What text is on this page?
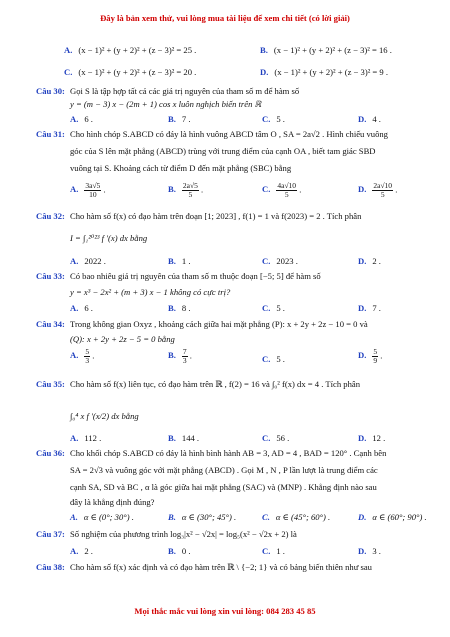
Đây là bản xem thử, vui lòng mua tài liệu để xem chi tiết (có lời giải)
A. (x − 1)² + (y + 2)² + (z − 3)² = 25 .	B. (x − 1)² + (y + 2)² + (z − 3)² = 16 .
C. (x − 1)² + (y + 2)² + (z − 3)² = 20 .	D. (x − 1)² + (y + 2)² + (z − 3)² = 9 .
Câu 30: Gọi S là tập hợp tất cả các giá trị nguyên của tham số m để hàm số
y = (m − 3) x − (2m + 1) cos x luôn nghịch biến trên ℝ
A. 6 .	B. 7 .	C. 5 .	D. 4 .
Câu 31: Cho hình chóp S.ABCD có đáy là hình vuông ABCD tâm O , SA = 2a√2 . Hình chiếu vuông
góc của S lên mặt phẳng (ABCD) trùng với trung điểm của cạnh OA , biết tam giác SBD
vuông tại S. Khoảng cách từ điểm D đến mặt phẳng (SBC) bằng
A. $\frac{3a√5}{10}$ .	B. $\frac{2a√5}{5}$ .	C. $\frac{4a√10}{5}$ .	D. $\frac{2a√10}{5}$ .
Câu 32: Cho hàm số f(x) có đạo hàm trên đoạn [1; 2023] , f(1) = 1 và f(2023) = 2 . Tích phân
I = ∫₁²⁰²³ f ′(x) dx bằng
A. 2022 .	B. 1 .	C. 2023 .	D. 2 .
Câu 33: Có bao nhiêu giá trị nguyên của tham số m thuộc đoạn [−5; 5] để hàm số
y = x³ − 2x² + (m + 3) x − 1 không có cực trị?
A. 6 .	B. 8 .	C. 5 .	D. 7 .
Câu 34: Trong không gian Oxyz , khoảng cách giữa hai mặt phẳng (P): x + 2y + 2z − 10 = 0 và
(Q): x + 2y + 2z − 5 = 0 bằng
A. $\frac{5}{3}$ .	B. $\frac{7}{3}$ .	C. 5 .	D. $\frac{5}{9}$ .
Câu 35: Cho hàm số f(x) liên tục, có đạo hàm trên ℝ , f(2) = 16 và ∫₀² f(x) dx = 4 . Tích phân
∫₀⁴ x f ′(x/2) dx bằng
A. 112 .	B. 144 .	C. 56 .	D. 12 .
Câu 36: Cho khối chóp S.ABCD có đáy là hình bình hành AB = 3, AD = 4 , BAD = 120° . Cạnh bên
SA = 2√3 và vuông góc với mặt phẳng (ABCD) . Gọi M , N , P lần lượt là trung điểm các
cạnh SA, SD và BC , α là góc giữa hai mặt phẳng (SAC) và (MNP) . Khẳng định nào sau
đây là khẳng định đúng?
A. α ∈ (0°; 30°) .	B. α ∈ (30°; 45°) .	C. α ∈ (45°; 60°) .	D. α ∈ (60°; 90°) .
Câu 37: Số nghiệm của phương trình log₃|x² − √2x| = log₅(x² − √2x + 2) là
A. 2 .	B. 0 .	C. 1 .	D. 3 .
Câu 38: Cho hàm số f(x) xác định và có đạo hàm trên ℝ \ {−2; 1} và có bảng biến thiên như sau
Mọi thắc mắc vui lòng xin vui lòng: 084 283 45 85
